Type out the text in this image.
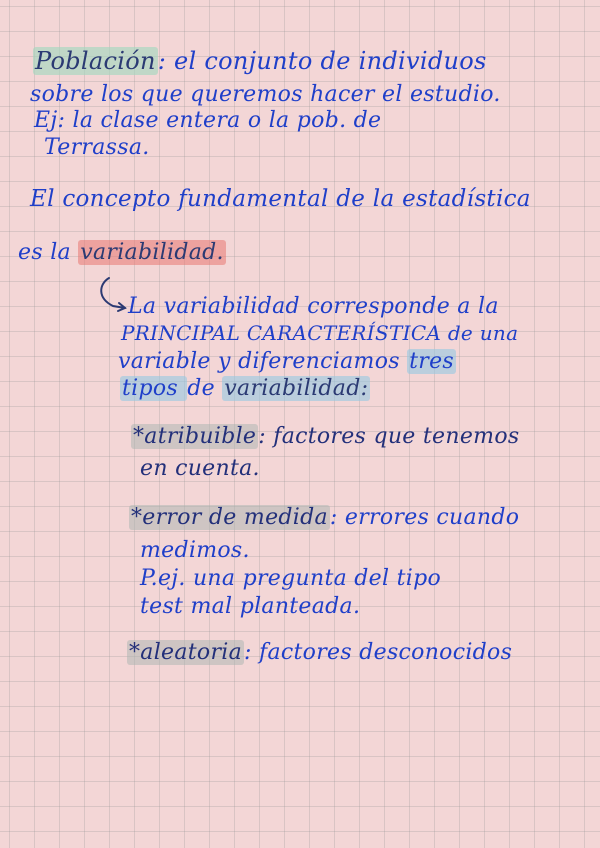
Población: el conjunto de individuos
sobre los que queremos hacer el estudio.
Ej: la clase entera o la pob. de
Terrassa.
El concepto fundamental de la estadística
es la variabilidad.
La variabilidad corresponde a la
PRINCIPAL CARACTERÍSTICA de una
variable y diferenciamos tres
tipos de variabilidad:
*atribuible: factores que tenemos
en cuenta.
*error de medida: errores cuando
medimos.
P.ej. una pregunta del tipo
test mal planteada.
*aleatoria: factores desconocidos
